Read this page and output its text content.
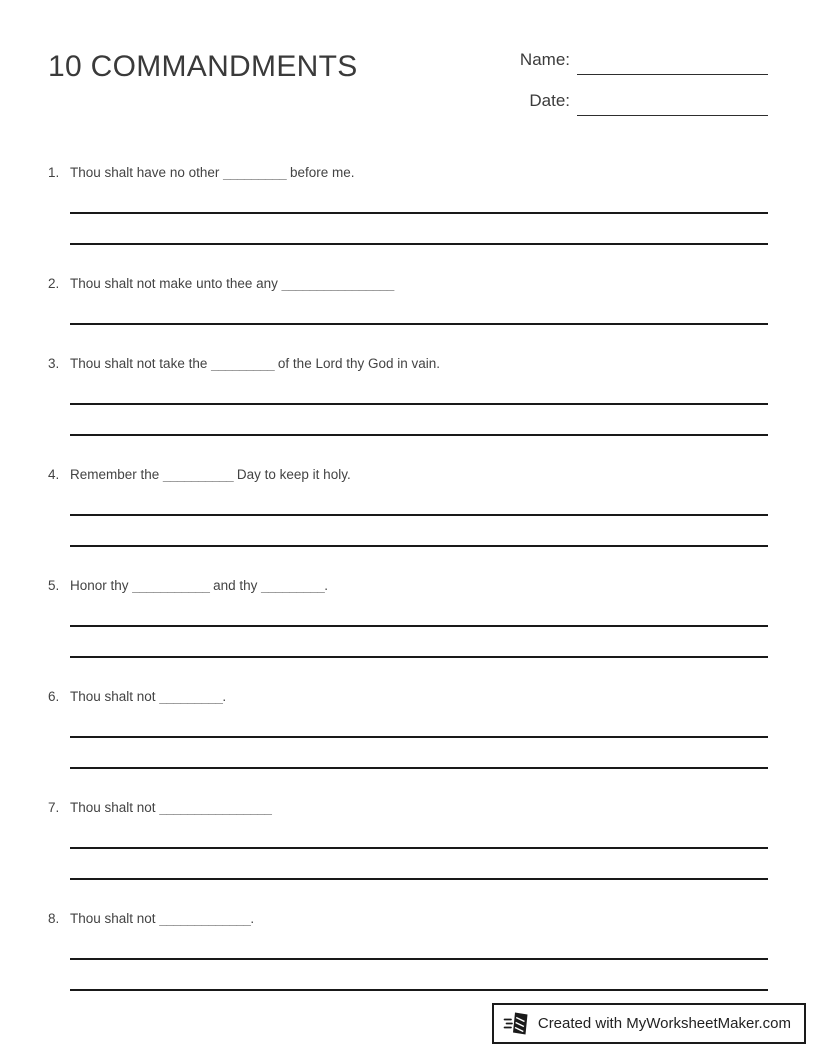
10 COMMANDMENTS	Name:
Date:
1. Thou shalt have no other _________ before me.
2. Thou shalt not make unto thee any ________________
3. Thou shalt not take the _________ of the Lord thy God in vain.
4. Remember the __________ Day to keep it holy.
5. Honor thy ___________ and thy _________.
6. Thou shalt not _________.
7. Thou shalt not ________________
8. Thou shalt not _____________.
Created with MyWorksheetMaker.com
